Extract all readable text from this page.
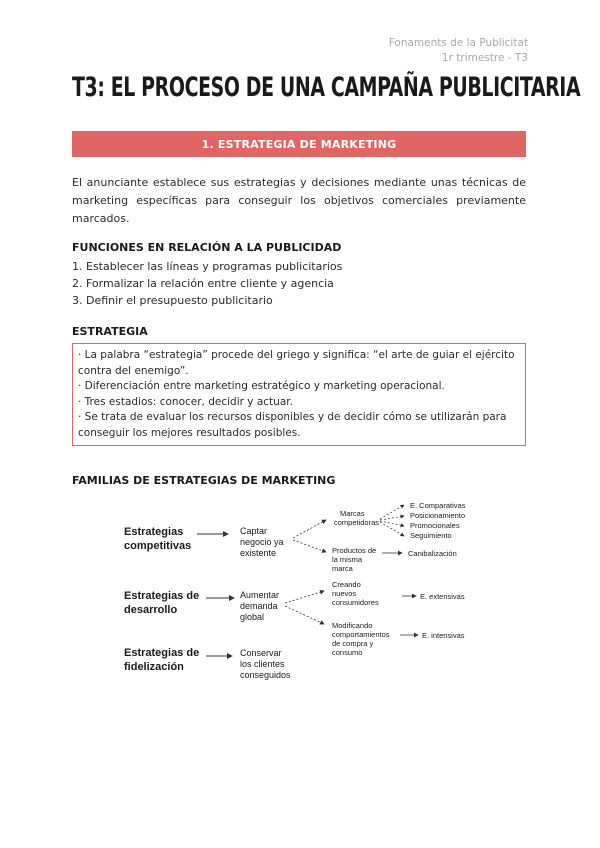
Fonaments de la Publicitat
1r trimestre - T3
T3: EL PROCESO DE UNA CAMPAÑA PUBLICITARIA
1. ESTRATEGIA DE MARKETING

El anunciante establece sus estrategias y decisiones mediante unas técnicas de marketing específicas para conseguir los objetivos comerciales previamente marcados.

FUNCIONES EN RELACIÓN A LA PUBLICIDAD
1. Establecer las líneas y programas publicitarios
2. Formalizar la relación entre cliente y agencia
3. Definir el presupuesto publicitario
ESTRATEGIA

· La palabra “estrategia” procede del griego y significa: “el arte de guiar el ejército contra del enemigo”.

· Diferenciación entre marketing estratégico y marketing operacional.

· Tres estadios: conocer, decidir y actuar.

· Se trata de evaluar los recursos disponibles y de decidir cómo se utilizarán para conseguir los mejores resultados posibles.

FAMILIAS DE ESTRATEGIAS DE MARKETING
Estrategias competitivas
Captar negocio ya existente
Marcas competidoras
E. Comparativas Posicionamiento Promocionales Seguimiento
Productos de la misma marca
Canibalización
Estrategias de desarrollo
Aumentar demanda global
Creando nuevos consumidores
E. extensivas
Modificando comportamientos de compra y consumo
E. intensivas
Estrategias de fidelización
Conservar los clientes conseguidos
